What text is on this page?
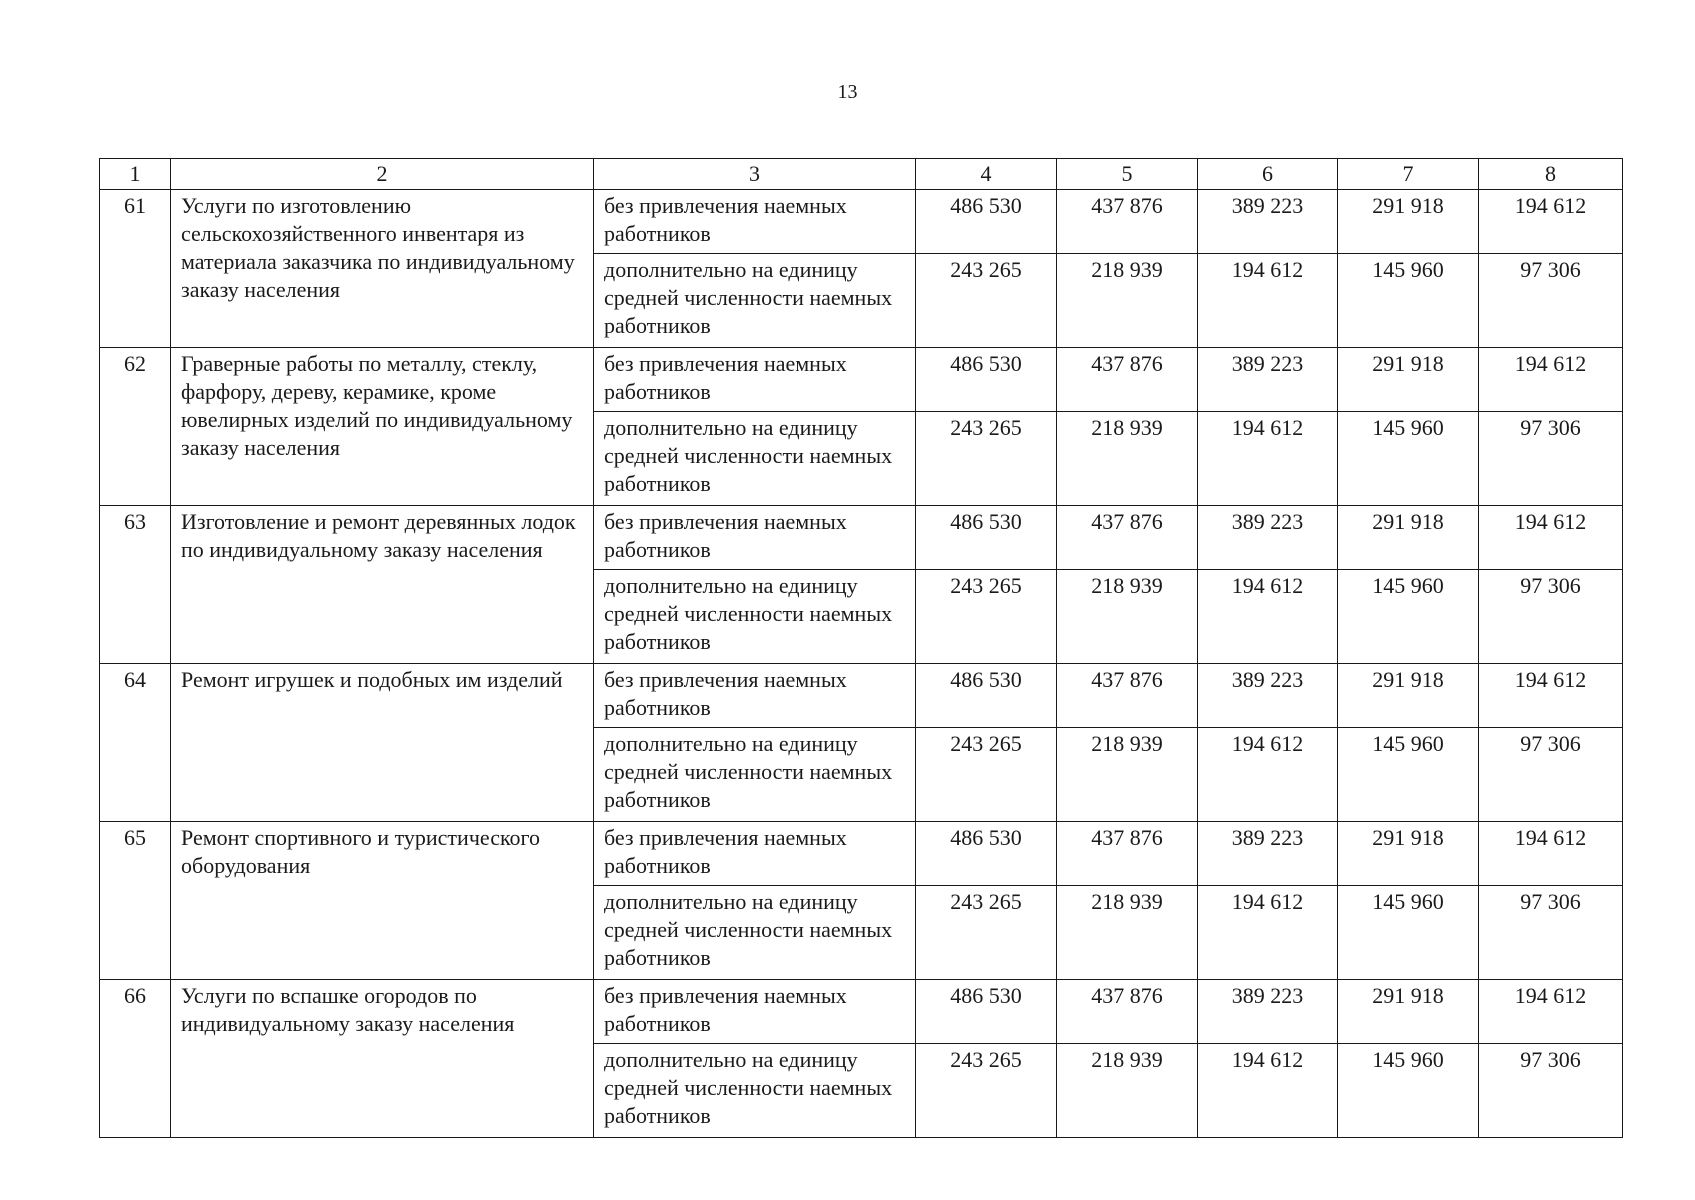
13
1	2	3	4	5	6	7	8
61	Услуги по изготовлению сельскохозяйственного инвентаря из материала заказчика по индивидуальному заказу населения	без привлечения наемных работников	486 530	437 876	389 223	291 918	194 612
		дополнительно на единицу средней численности наемных работников	243 265	218 939	194 612	145 960	97 306
62	Граверные работы по металлу, стеклу, фарфору, дереву, керамике, кроме ювелирных изделий по индивидуальному заказу населения	без привлечения наемных работников	486 530	437 876	389 223	291 918	194 612
		дополнительно на единицу средней численности наемных работников	243 265	218 939	194 612	145 960	97 306
63	Изготовление и ремонт деревянных лодок по индивидуальному заказу населения	без привлечения наемных работников	486 530	437 876	389 223	291 918	194 612
		дополнительно на единицу средней численности наемных работников	243 265	218 939	194 612	145 960	97 306
64	Ремонт игрушек и подобных им изделий	без привлечения наемных работников	486 530	437 876	389 223	291 918	194 612
		дополнительно на единицу средней численности наемных работников	243 265	218 939	194 612	145 960	97 306
65	Ремонт спортивного и туристического оборудования	без привлечения наемных работников	486 530	437 876	389 223	291 918	194 612
		дополнительно на единицу средней численности наемных работников	243 265	218 939	194 612	145 960	97 306
66	Услуги по вспашке огородов по индивидуальному заказу населения	без привлечения наемных работников	486 530	437 876	389 223	291 918	194 612
		дополнительно на единицу средней численности наемных работников	243 265	218 939	194 612	145 960	97 306
